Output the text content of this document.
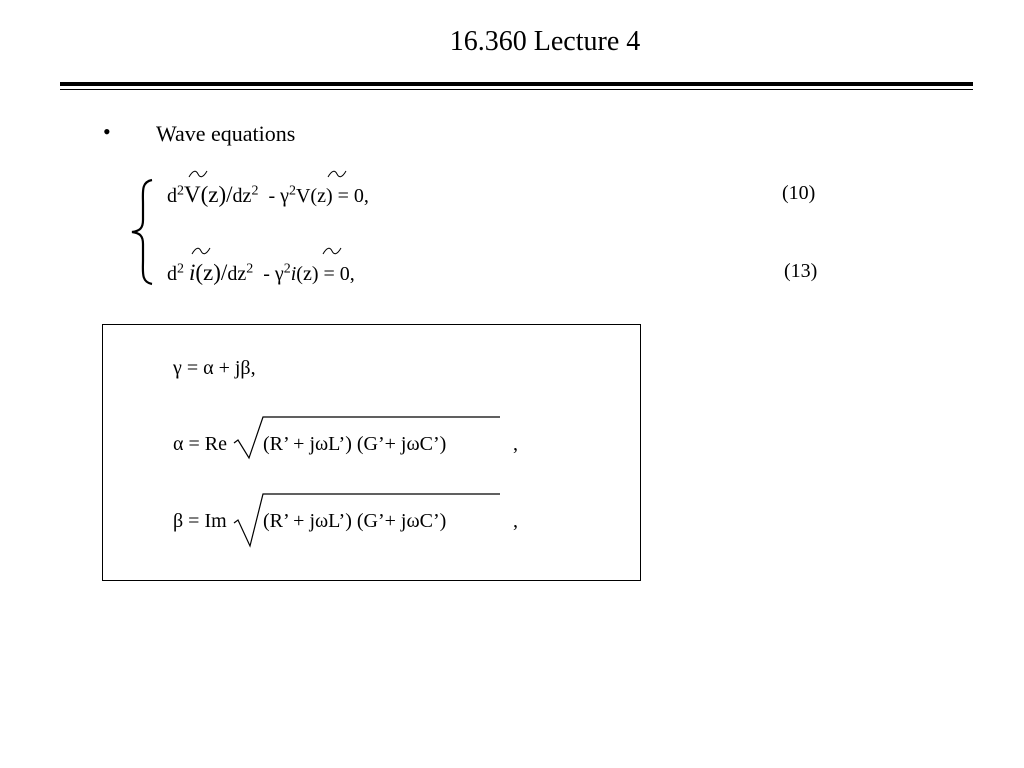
16.360 Lecture 4
• Wave equations
$d^2V(z)/dz^2 - \gamma^2V(z) = 0$,	(10)
$d^2$ $i(z)/dz^2 - \gamma^2i(z) = 0$,	(13)
γ = α + jβ,
α = Re (R’ + jωL’) (G’+ jωC’)	,
β = Im (R’ + jωL’) (G’+ jωC’)	,
